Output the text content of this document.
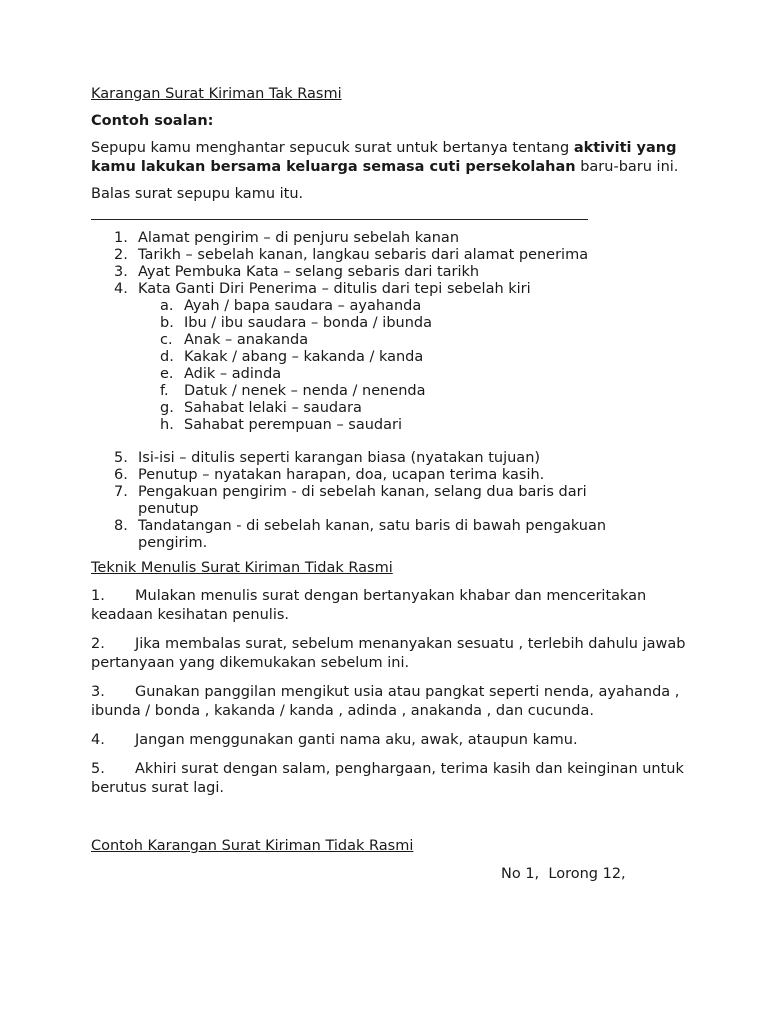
Karangan Surat Kiriman Tak Rasmi

Contoh soalan:

Sepupu kamu menghantar sepucuk surat untuk bertanya tentang aktiviti yang kamu lakukan bersama keluarga semasa cuti persekolahan baru-baru ini.

Balas surat sepupu kamu itu.

1. Alamat pengirim – di penjuru sebelah kanan
2. Tarikh – sebelah kanan, langkau sebaris dari alamat penerima
3. Ayat Pembuka Kata – selang sebaris dari tarikh
4. Kata Ganti Diri Penerima – ditulis dari tepi sebelah kiri
a. Ayah / bapa saudara – ayahanda
b. Ibu / ibu saudara – bonda / ibunda
c. Anak – anakanda
d. Kakak / abang – kakanda / kanda
e. Adik – adinda
f.	Datuk / nenek – nenda / nenenda
g. Sahabat lelaki – saudara
h. Sahabat perempuan – saudari
5. Isi-isi – ditulis seperti karangan biasa (nyatakan tujuan)
6. Penutup – nyatakan harapan, doa, ucapan terima kasih.
7. Pengakuan pengirim - di sebelah kanan, selang dua baris dari penutup
8. Tandatangan - di sebelah kanan, satu baris di bawah pengakuan pengirim.

Teknik Menulis Surat Kiriman Tidak Rasmi

1. Mulakan menulis surat dengan bertanyakan khabar dan menceritakan keadaan kesihatan penulis.

2. Jika membalas surat, sebelum menanyakan sesuatu , terlebih dahulu jawab pertanyaan yang dikemukakan sebelum ini.

3. Gunakan panggilan mengikut usia atau pangkat seperti nenda, ayahanda , ibunda / bonda , kakanda / kanda , adinda , anakanda , dan cucunda.

4. Jangan menggunakan ganti nama aku, awak, ataupun kamu.

5. Akhiri surat dengan salam, penghargaan, terima kasih dan keinginan untuk berutus surat lagi.

Contoh Karangan Surat Kiriman Tidak Rasmi

No 1,  Lorong 12,
